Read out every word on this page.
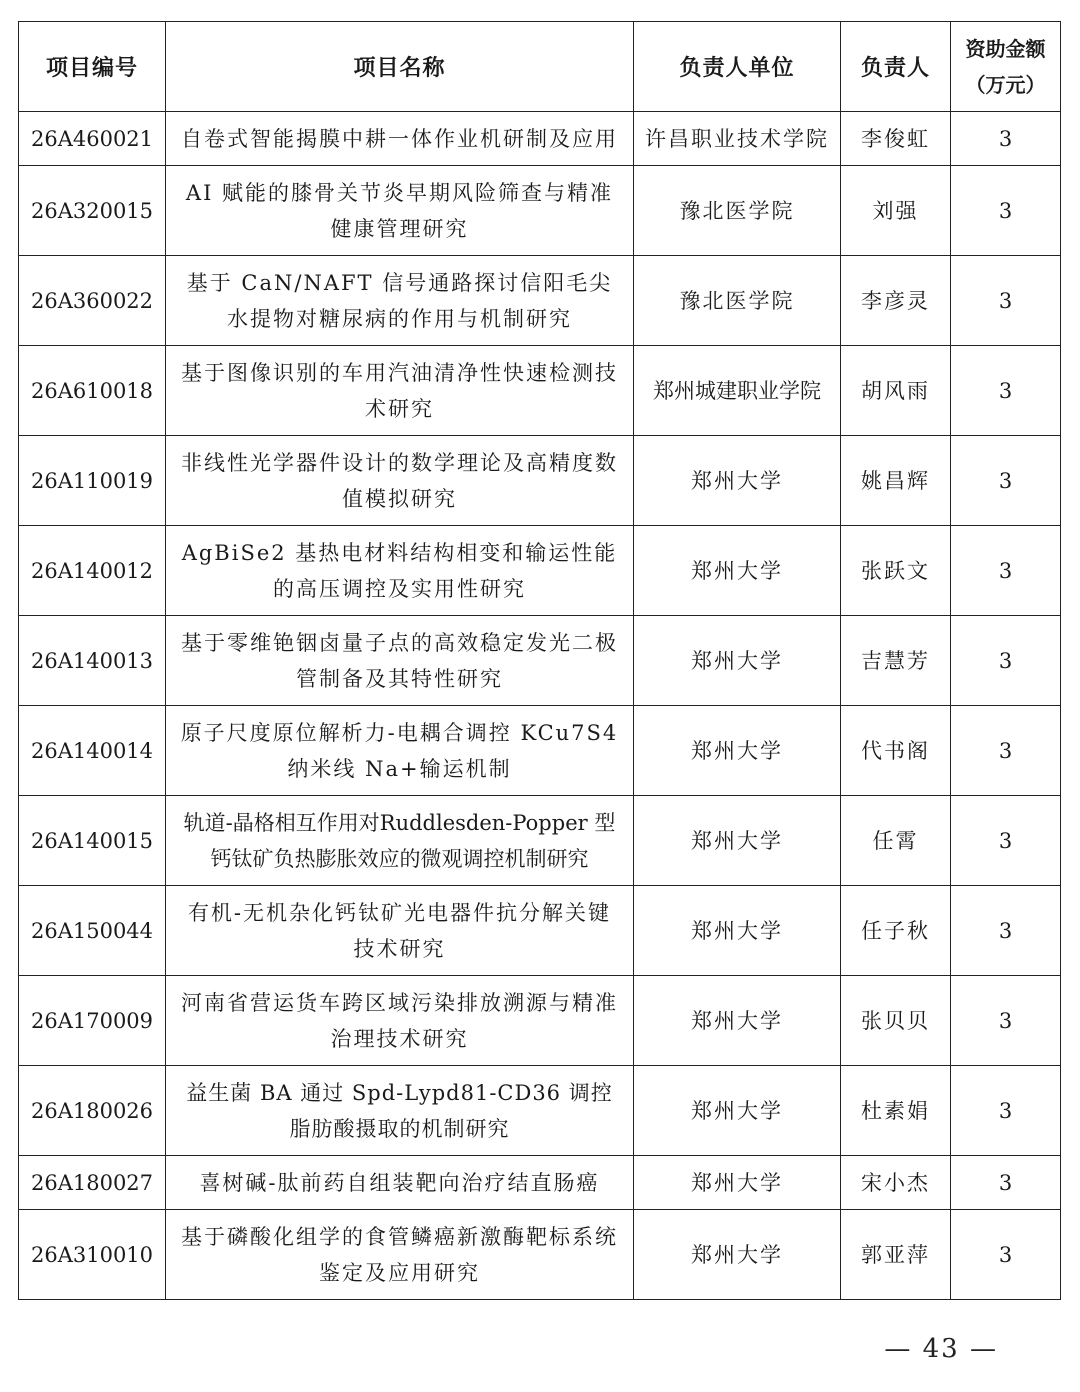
项目编号	项目名称	负责人单位	负责人	资助金额（万元）
26A460021	自卷式智能揭膜中耕一体作业机研制及应用	许昌职业技术学院	李俊虹	3
26A320015	AI 赋能的膝骨关节炎早期风险筛查与精准健康管理研究	豫北医学院	刘强	3
26A360022	基于 CaN/NAFT 信号通路探讨信阳毛尖水提物对糖尿病的作用与机制研究	豫北医学院	李彦灵	3
26A610018	基于图像识别的车用汽油清净性快速检测技术研究	郑州城建职业学院	胡风雨	3
26A110019	非线性光学器件设计的数学理论及高精度数值模拟研究	郑州大学	姚昌辉	3
26A140012	AgBiSe2 基热电材料结构相变和输运性能的高压调控及实用性研究	郑州大学	张跃文	3
26A140013	基于零维铯铟卤量子点的高效稳定发光二极管制备及其特性研究	郑州大学	吉慧芳	3
26A140014	原子尺度原位解析力-电耦合调控 KCu7S4 纳米线 Na+输运机制	郑州大学	代书阁	3
26A140015	轨道-晶格相互作用对Ruddlesden-Popper 型钙钛矿负热膨胀效应的微观调控机制研究	郑州大学	任霄	3
26A150044	有机-无机杂化钙钛矿光电器件抗分解关键技术研究	郑州大学	任子秋	3
26A170009	河南省营运货车跨区域污染排放溯源与精准治理技术研究	郑州大学	张贝贝	3
26A180026	益生菌 BA 通过 Spd-Lypd81-CD36 调控脂肪酸摄取的机制研究	郑州大学	杜素娟	3
26A180027	喜树碱-肽前药自组装靶向治疗结直肠癌	郑州大学	宋小杰	3
26A310010	基于磷酸化组学的食管鳞癌新激酶靶标系统鉴定及应用研究	郑州大学	郭亚萍	3
— 43 —
